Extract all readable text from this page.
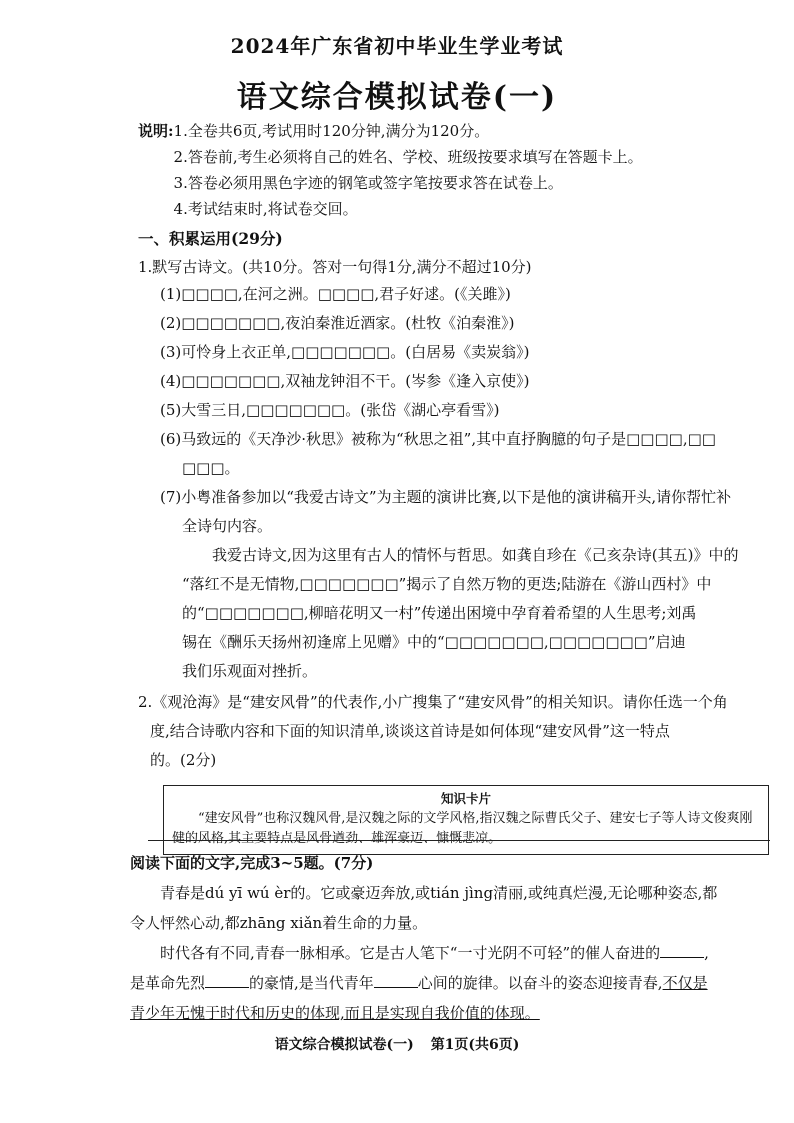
2024年广东省初中毕业生学业考试
语文综合模拟试卷(一)
说明: 1.全卷共6页,考试用时120分钟,满分为120分。
2.答卷前,考生必须将自己的姓名、学校、班级按要求填写在答题卡上。
3.答卷必须用黑色字迹的钢笔或签字笔按要求答在试卷上。
4.考试结束时,将试卷交回。
一、积累运用(29分)
1.默写古诗文。(共10分。答对一句得1分,满分不超过10分)
(1)□□□□,在河之洲。□□□□,君子好逑。(《关雎》)
(2)□□□□□□□,夜泊秦淮近酒家。(杜牧《泊秦淮》)
(3)可怜身上衣正单,□□□□□□□。(白居易《卖炭翁》)
(4)□□□□□□□,双袖龙钟泪不干。(岑参《逢入京使》)
(5)大雪三日,□□□□□□□。(张岱《湖心亭看雪》)
(6)马致远的《天净沙·秋思》被称为“秋思之祖”,其中直抒胸臆的句子是□□□□,□□
□□□。
(7)小粤准备参加以“我爱古诗文”为主题的演讲比赛,以下是他的演讲稿开头,请你帮忙补
全诗句内容。
我爱古诗文,因为这里有古人的情怀与哲思。如龚自珍在《己亥杂诗(其五)》中的
“落红不是无情物,□□□□□□□”揭示了自然万物的更迭;陆游在《游山西村》中
的“□□□□□□□,柳暗花明又一村”传递出困境中孕育着希望的人生思考;刘禹
锡在《酬乐天扬州初逢席上见赠》中的“□□□□□□□,□□□□□□□”启迪
我们乐观面对挫折。
2.《观沧海》是“建安风骨”的代表作,小广搜集了“建安风骨”的相关知识。请你任选一个角
度,结合诗歌内容和下面的知识清单,谈谈这首诗是如何体现“建安风骨”这一特点
的。(2分)
知识卡片
“建安风骨”也称汉魏风骨,是汉魏之际的文学风格,指汉魏之际曹氏父子、建安七子等人诗文俊爽刚健的风格,其主要特点是风骨遒劲、雄浑豪迈、慷慨悲凉。
阅读下面的文字,完成3~5题。(7分)
青春是dú yī wú èr的。它或豪迈奔放,或tián jìng清丽,或纯真烂漫,无论哪种姿态,都
令人怦然心动,都zhāng xiǎn着生命的力量。
时代各有不同,青春一脉相承。它是古人笔下“一寸光阴不可轻”的催人奋进的	,
是革命先烈	的豪情,是当代青年	心间的旋律。以奋斗的姿态迎接青春,不仅是
青少年无愧于时代和历史的体现,而且是实现自我价值的体现。
语文综合模拟试卷(一) 第1页(共6页)
